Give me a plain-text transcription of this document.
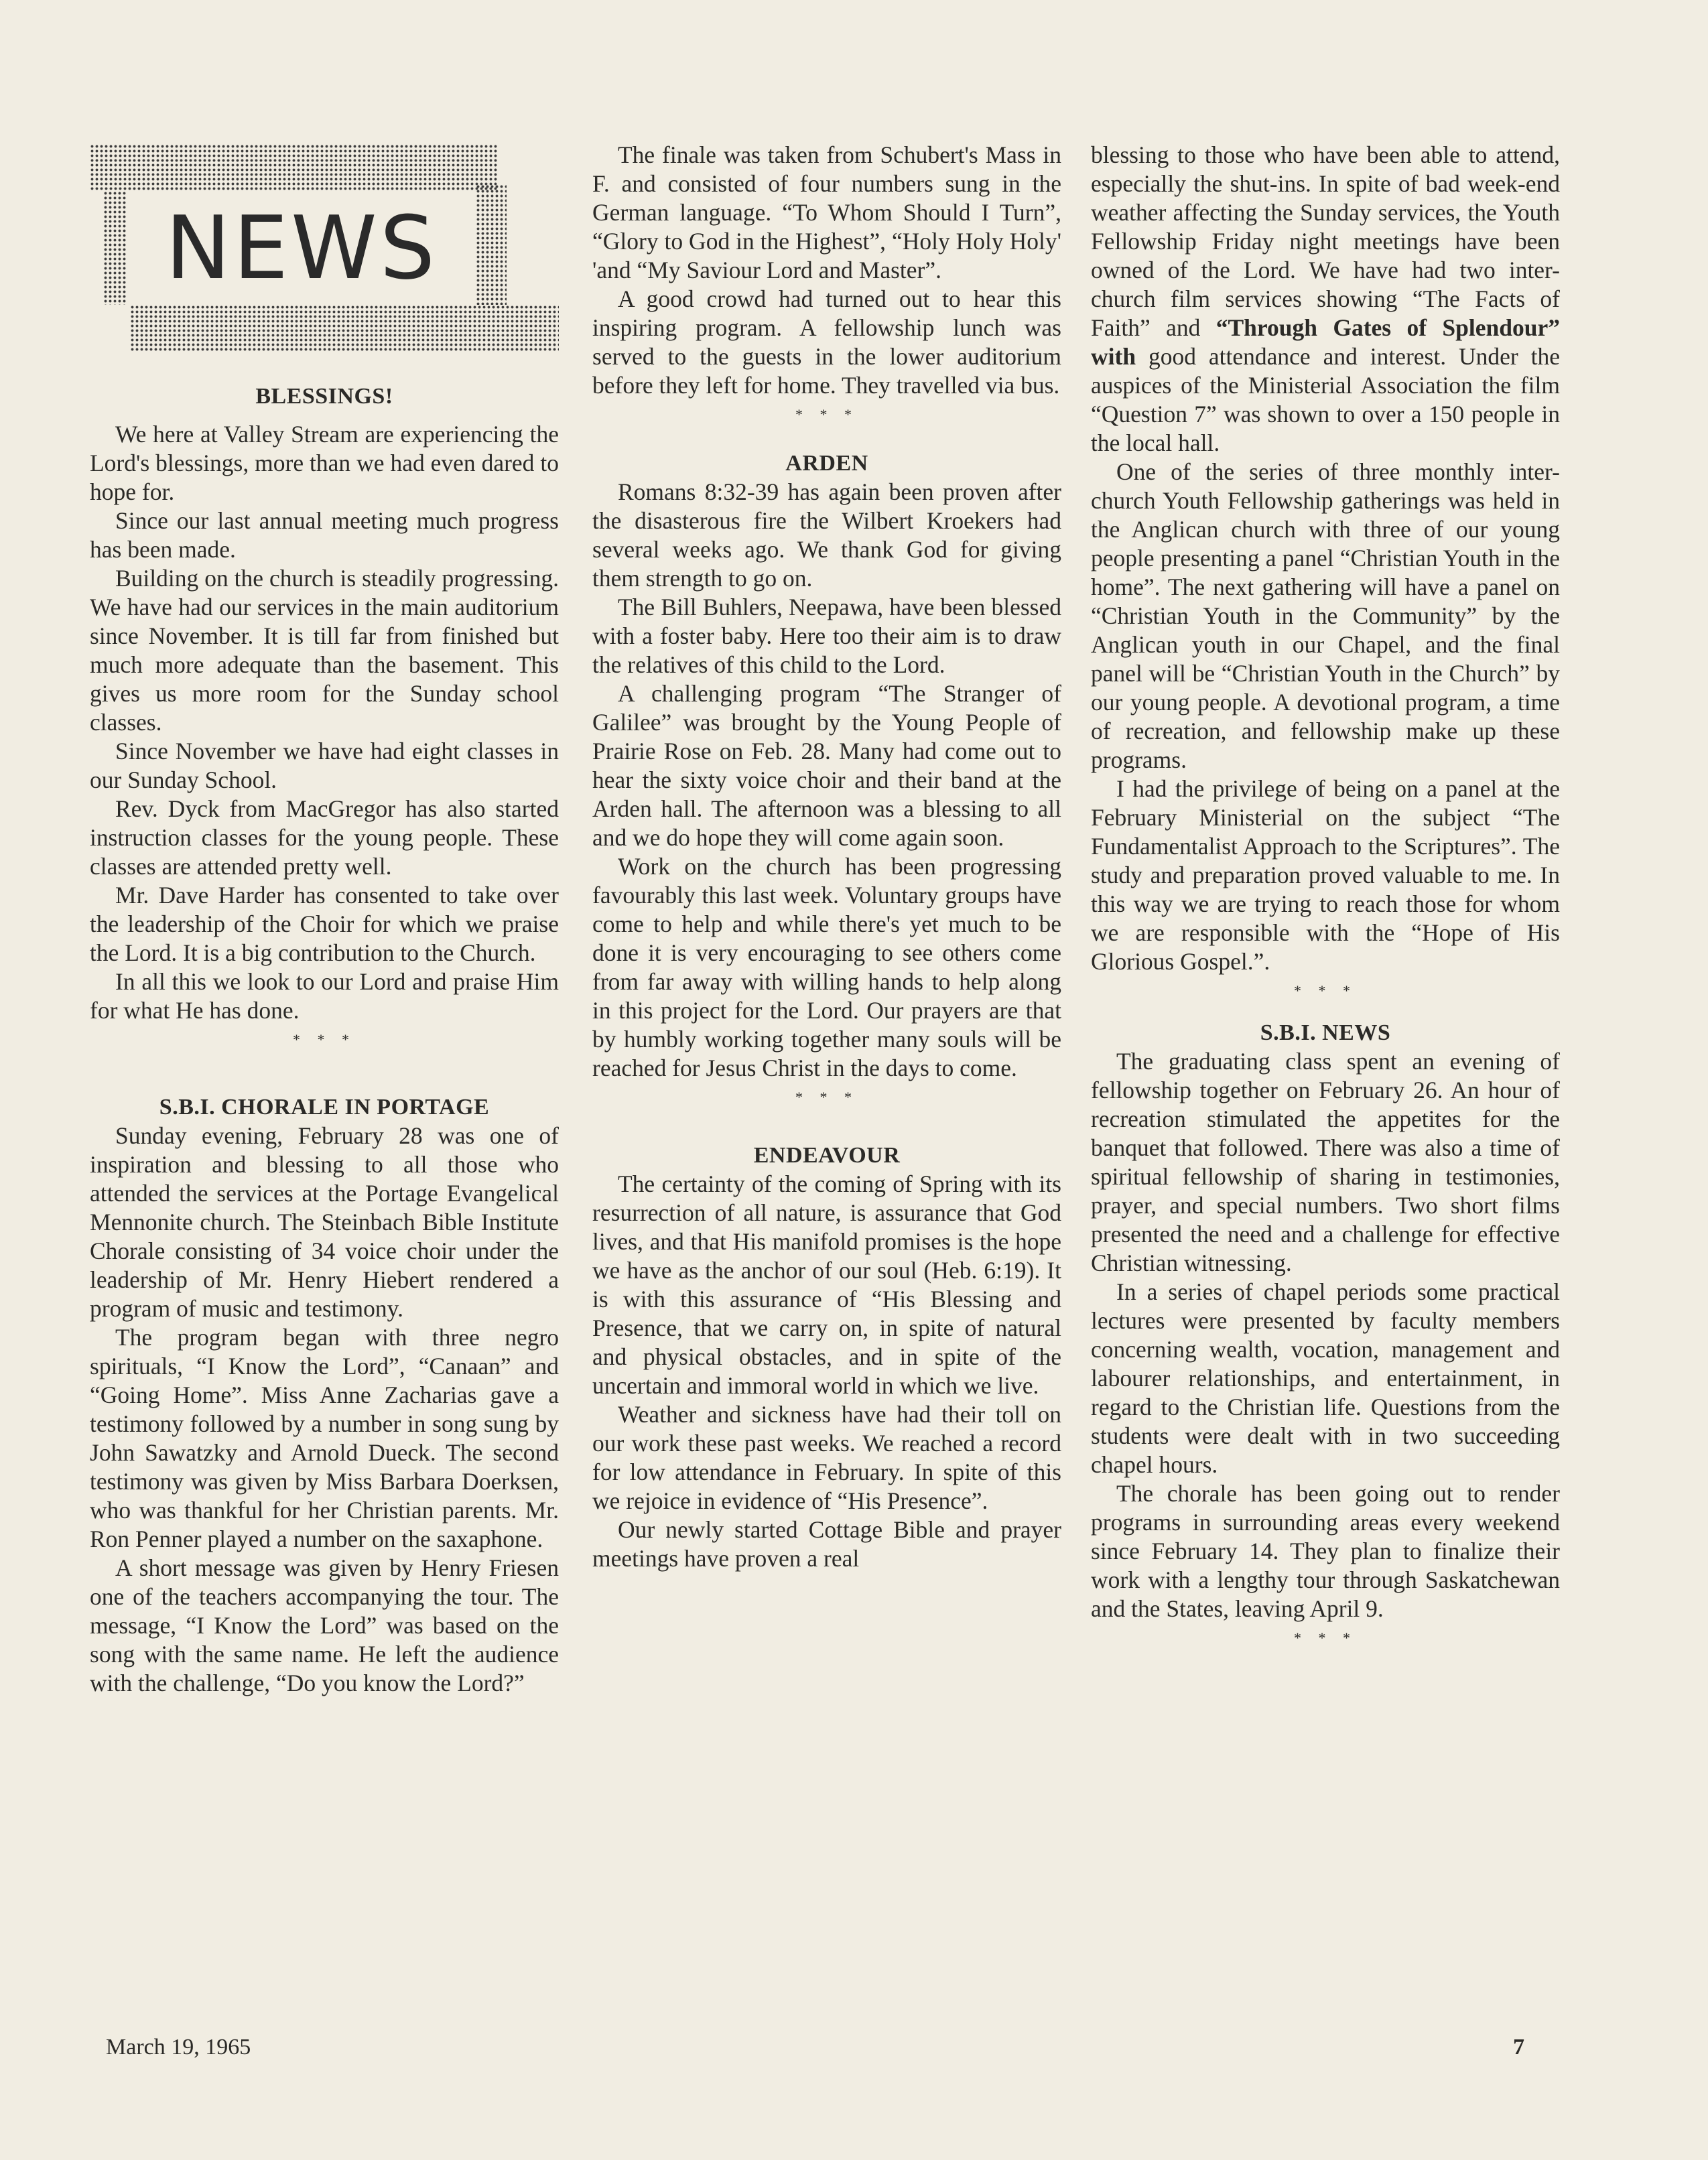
NEWS
BLESSINGS!

We here at Valley Stream are experiencing the Lord's blessings, more than we had even dared to hope for.

Since our last annual meeting much progress has been made.

Building on the church is steadily progressing. We have had our services in the main auditorium since November. It is till far from finished but much more adequate than the basement. This gives us more room for the Sunday school classes.

Since November we have had eight classes in our Sunday School.

Rev. Dyck from MacGregor has also started instruction classes for the young people. These classes are attended pretty well.

Mr. Dave Harder has consented to take over the leadership of the Choir for which we praise the Lord. It is a big contribution to the Church.

In all this we look to our Lord and praise Him for what He has done.

* * *
S.B.I. CHORALE IN PORTAGE

Sunday evening, February 28 was one of inspiration and blessing to all those who attended the services at the Portage Evangelical Mennonite church. The Steinbach Bible Institute Chorale consisting of 34 voice choir under the leadership of Mr. Henry Hiebert rendered a program of music and testimony.

The program began with three negro spirituals, “I Know the Lord”, “Canaan” and “Going Home”. Miss Anne Zacharias gave a testimony followed by a number in song sung by John Sawatzky and Arnold Dueck. The second testimony was given by Miss Barbara Doerksen, who was thankful for her Christian parents. Mr. Ron Penner played a number on the saxaphone.

A short message was given by Henry Friesen one of the teachers accompanying the tour. The message, “I Know the Lord” was based on the song with the same name. He left the audience with the challenge, “Do you know the Lord?”

The finale was taken from Schubert's Mass in F. and consisted of four numbers sung in the German language. “To Whom Should I Turn”, “Glory to God in the Highest”, “Holy Holy Holy' 'and “My Saviour Lord and Master”.

A good crowd had turned out to hear this inspiring program. A fellowship lunch was served to the guests in the lower auditorium before they left for home. They travelled via bus.

* * *
ARDEN

Romans 8:32-39 has again been proven after the disasterous fire the Wilbert Kroekers had several weeks ago. We thank God for giving them strength to go on.

The Bill Buhlers, Neepawa, have been blessed with a foster baby. Here too their aim is to draw the relatives of this child to the Lord.

A challenging program “The Stranger of Galilee” was brought by the Young People of Prairie Rose on Feb. 28. Many had come out to hear the sixty voice choir and their band at the Arden hall. The afternoon was a blessing to all and we do hope they will come again soon.

Work on the church has been progressing favourably this last week. Voluntary groups have come to help and while there's yet much to be done it is very encouraging to see others come from far away with willing hands to help along in this project for the Lord. Our prayers are that by humbly working together many souls will be reached for Jesus Christ in the days to come.

* * *
ENDEAVOUR

The certainty of the coming of Spring with its resurrection of all nature, is assurance that God lives, and that His manifold promises is the hope we have as the anchor of our soul (Heb. 6:19). It is with this assurance of “His Blessing and Presence, that we carry on, in spite of natural and physical obstacles, and in spite of the uncertain and immoral world in which we live.

Weather and sickness have had their toll on our work these past weeks. We reached a record for low attendance in February. In spite of this we rejoice in evidence of “His Presence”.

Our newly started Cottage Bible and prayer meetings have proven a real

blessing to those who have been able to attend, especially the shut-ins. In spite of bad week-end weather affecting the Sunday services, the Youth Fellowship Friday night meetings have been owned of the Lord. We have had two inter-church film services showing “The Facts of Faith” and “Through Gates of Splendour” with good attendance and interest. Under the auspices of the Ministerial Association the film “Question 7” was shown to over a 150 people in the local hall.

One of the series of three monthly inter-church Youth Fellowship gatherings was held in the Anglican church with three of our young people presenting a panel “Christian Youth in the home”. The next gathering will have a panel on “Christian Youth in the Community” by the Anglican youth in our Chapel, and the final panel will be “Christian Youth in the Church” by our young people. A devotional program, a time of recreation, and fellowship make up these programs.

I had the privilege of being on a panel at the February Ministerial on the subject “The Fundamentalist Approach to the Scriptures”. The study and preparation proved valuable to me. In this way we are trying to reach those for whom we are responsible with the “Hope of His Glorious Gospel.”.

* * *
S.B.I. NEWS

The graduating class spent an evening of fellowship together on February 26. An hour of recreation stimulated the appetites for the banquet that followed. There was also a time of spiritual fellowship of sharing in testimonies, prayer, and special numbers. Two short films presented the need and a challenge for effective Christian witnessing.

In a series of chapel periods some practical lectures were presented by faculty members concerning wealth, vocation, management and labourer relationships, and entertainment, in regard to the Christian life. Questions from the students were dealt with in two succeeding chapel hours.

The chorale has been going out to render programs in surrounding areas every weekend since February 14. They plan to finalize their work with a lengthy tour through Saskatchewan and the States, leaving April 9.

* * *
March 19, 1965	7
